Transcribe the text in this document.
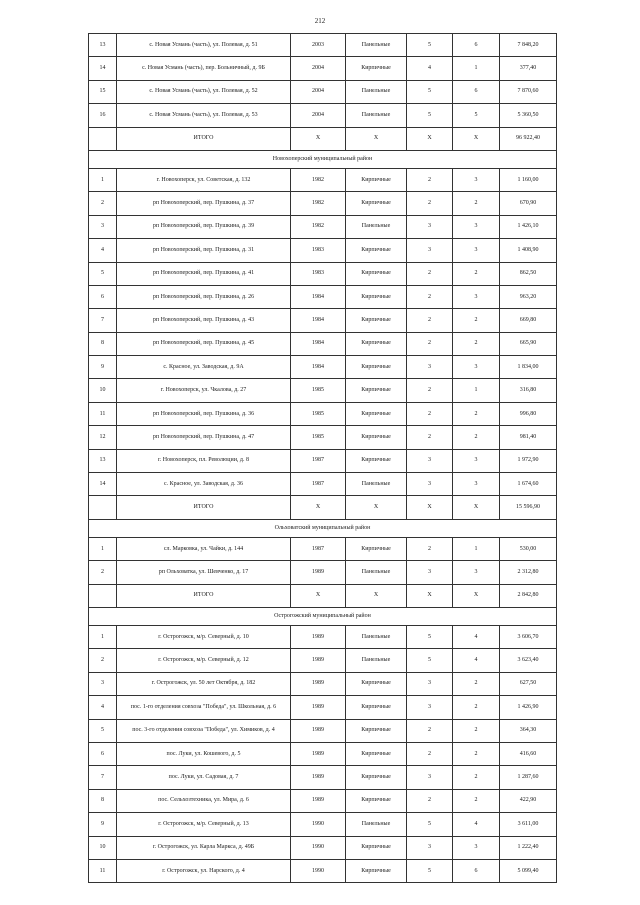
212
13	с. Новая Усмань (часть), ул. Полевая, д. 51	2003	Панельные	5	6	7 848,20
14	с. Новая Усмань (часть), пер. Больничный, д. 9Б	2004	Кирпичные	4	1	377,40
15	с. Новая Усмань (часть), ул. Полевая, д. 52	2004	Панельные	5	6	7 870,60
16	с. Новая Усмань (часть), ул. Полевая, д. 53	2004	Панельные	5	5	5 360,50
	ИТОГО	Х	Х	Х	Х	96 922,40
Новохоперский муниципальный район						
1	г. Новохоперск, ул. Советская, д. 132	1982	Кирпичные	2	3	1 160,00
2	рп Новохоперский, пер. Пушкина, д. 37	1982	Кирпичные	2	2	670,90
3	рп Новохоперский, пер. Пушкина, д. 39	1982	Панельные	3	3	1 426,10
4	рп Новохоперский, пер. Пушкина, д. 31	1983	Кирпичные	3	3	1 408,90
5	рп Новохоперский, пер. Пушкина, д. 41	1983	Кирпичные	2	2	862,50
6	рп Новохоперский, пер. Пушкина, д. 26	1984	Кирпичные	2	3	963,20
7	рп Новохоперский, пер. Пушкина, д. 43	1984	Кирпичные	2	2	669,80
8	рп Новохоперский, пер. Пушкина, д. 45	1984	Кирпичные	2	2	665,90
9	с. Красное, ул. Заводская, д. 9А	1984	Кирпичные	3	3	1 834,00
10	г. Новохоперск, ул. Чкалова, д. 27	1985	Кирпичные	2	1	316,80
11	рп Новохоперский, пер. Пушкина, д. 36	1985	Кирпичные	2	2	996,80
12	рп Новохоперский, пер. Пушкина, д. 47	1985	Кирпичные	2	2	981,40
13	г. Новохоперск, пл. Революции, д. 8	1987	Кирпичные	3	3	1 972,90
14	с. Красное, ул. Заводская, д. 36	1987	Панельные	3	3	1 674,60
	ИТОГО	Х	Х	Х	Х	15 596,90
Ольховатский муниципальный район						
1	сл. Марковка, ул. Чайки, д. 144	1987	Кирпичные	2	1	530,00
2	рп Ольховатка, ул. Шевченко, д. 17	1989	Панельные	3	3	2 312,80
	ИТОГО	Х	Х	Х	Х	2 842,80
Острогожский муниципальный район						
1	г. Острогожск, м/р. Северный, д. 10	1989	Панельные	5	4	3 606,70
2	г. Острогожск, м/р. Северный, д. 12	1989	Панельные	5	4	3 623,40
3	г. Острогожск, ул. 50 лет Октября, д. 182	1989	Кирпичные	3	2	627,50
4	пос. 1-го отделения совхоза "Победа", ул. Школьная, д. 6	1989	Кирпичные	3	2	1 426,90
5	пос. 3-го отделения совхоза "Победа", ул. Химиков, д. 4	1989	Кирпичные	2	2	364,30
6	пос. Луки, ул. Кошевого, д. 5	1989	Кирпичные	2	2	416,60
7	пос. Луки, ул. Садовая, д. 7	1989	Кирпичные	3	2	1 287,60
8	пос. Сельхозтехника, ул. Мира, д. 6	1989	Кирпичные	2	2	422,90
9	г. Острогожск, м/р. Северный, д. 13	1990	Панельные	5	4	3 611,00
10	г. Острогожск, ул. Карла Маркса, д. 49Б	1990	Кирпичные	3	3	1 222,40
11	г. Острогожск, ул. Нарского, д. 4	1990	Кирпичные	5	6	5 099,40
